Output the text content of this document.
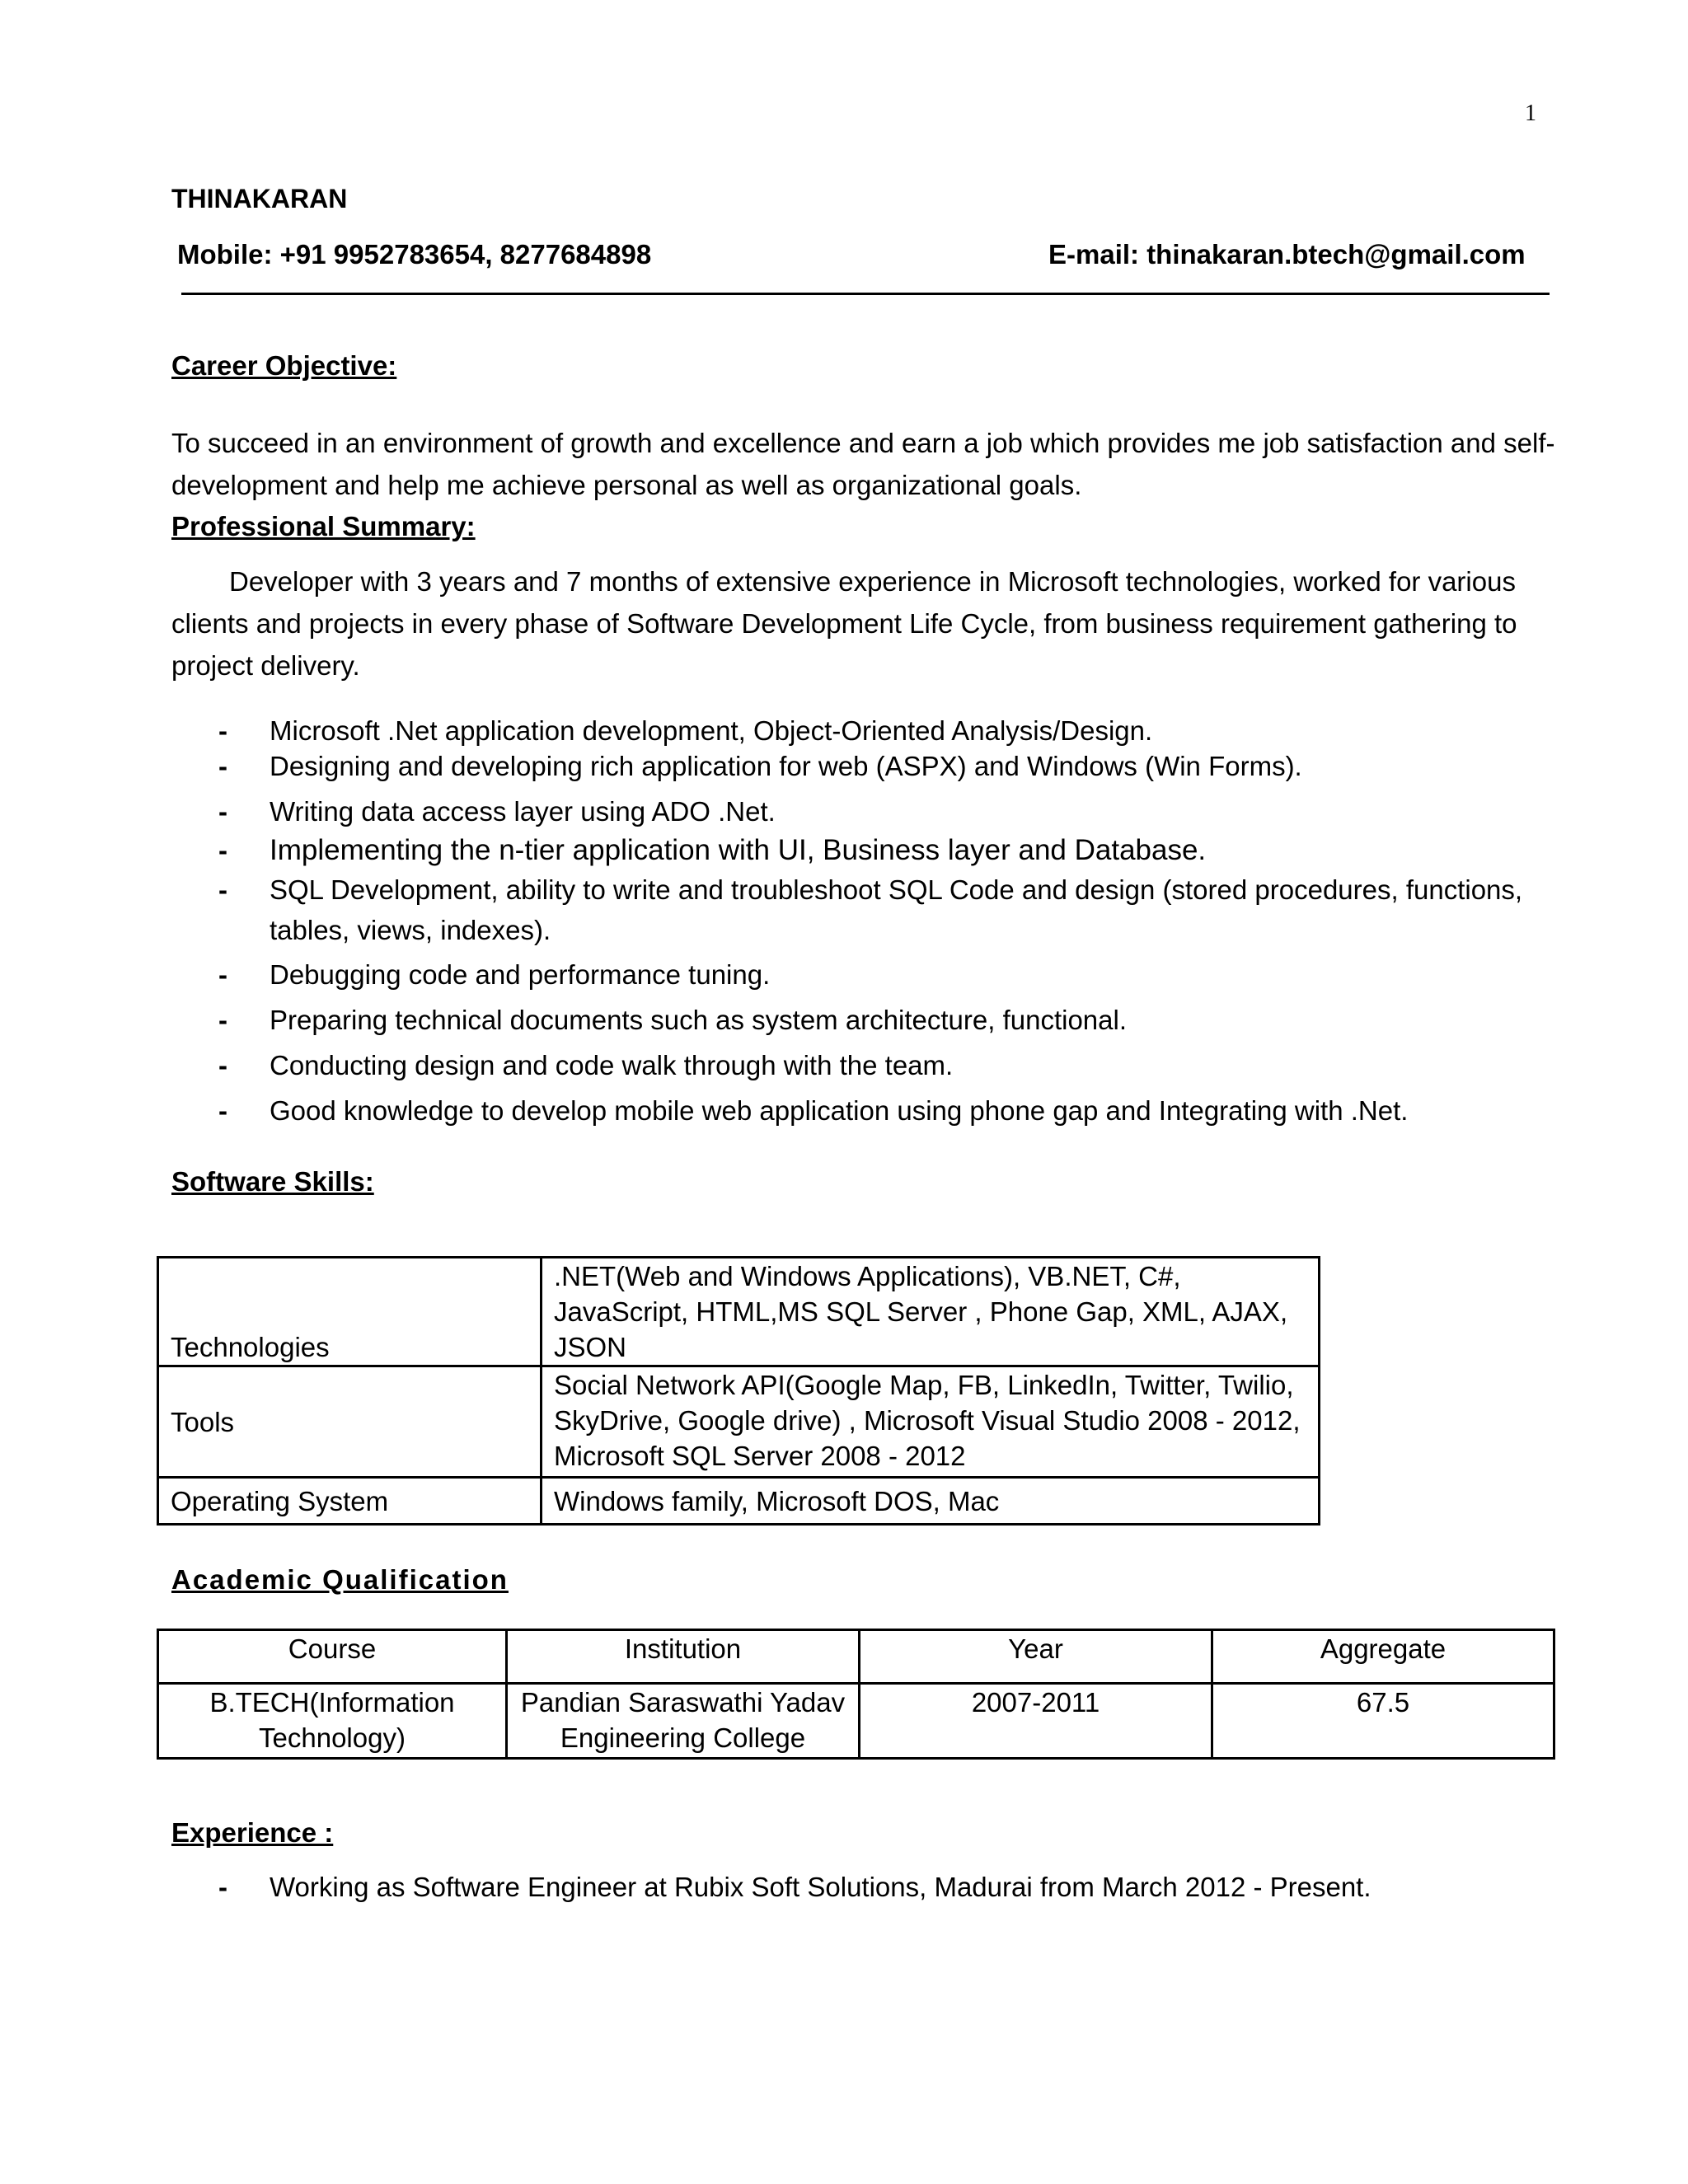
1
THINAKARAN
Mobile: +91 9952783654, 8277684898	E-mail: thinakaran.btech@gmail.com
Career Objective:
To succeed in an environment of growth and excellence and earn a job which provides me job satisfaction and self-development and help me achieve personal as well as organizational goals.
Professional Summary:
Developer with 3 years and 7 months of extensive experience in Microsoft technologies, worked for various clients and projects in every phase of Software Development Life Cycle, from business requirement gathering to project delivery.
- Microsoft .Net application development, Object-Oriented Analysis/Design.
- Designing and developing rich application for web (ASPX) and Windows (Win Forms).
- Writing data access layer using ADO .Net.
- Implementing the n-tier application with UI, Business layer and Database.
- SQL Development, ability to write and troubleshoot SQL Code and design (stored procedures, functions, tables, views, indexes).
- Debugging code and performance tuning.
- Preparing technical documents such as system architecture, functional.
- Conducting design and code walk through with the team.
- Good knowledge to develop mobile web application using phone gap and Integrating with .Net.
Software Skills:
Technologies	.NET(Web and Windows Applications), VB.NET, C#, JavaScript, HTML,MS SQL Server , Phone Gap, XML, AJAX, JSON
Tools	Social Network API(Google Map, FB, LinkedIn, Twitter, Twilio, SkyDrive, Google drive) , Microsoft Visual Studio 2008 - 2012, Microsoft SQL Server 2008 - 2012
Operating System	Windows family, Microsoft DOS, Mac
Academic Qualification
Course	Institution	Year	Aggregate
B.TECH(Information Technology)	Pandian Saraswathi Yadav Engineering College	2007-2011	67.5
Experience :
- Working as Software Engineer at Rubix Soft Solutions, Madurai from March 2012 - Present.
